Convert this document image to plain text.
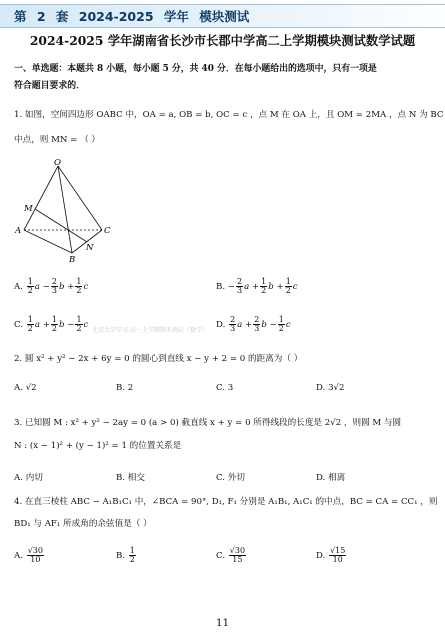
第 2 套 2024-2025 学年 模块测试
2024-2025 学年湖南省长沙市长郡中学高二上学期模块测试数学试题
一、单选题：本题共 8 小题，每小题 5 分，共 40 分．在每小题给出的选项中，只有一项是
符合题目要求的．
1. 如图，空间四边形 OABC 中，OA = a, OB = b, OC = c ，点 M 在 OA 上，且 OM = 2MA ，点 N 为 BC
中点，则 MN = （ ）
O
M
A
N
B
C
A. $\frac{1}{2}$ $a - \frac{2}{3}$ $b + \frac{1}{2}$ c	B. − $\frac{2}{3}$ $a + \frac{1}{2}$ $b + \frac{1}{2}$ c
C. $\frac{1}{2}$ $a + \frac{1}{2}$ $b - \frac{1}{2}$ c
北京大学学习·高一上学期期末测试（数学）
D. $\frac{2}{3}$ $a + \frac{2}{3}$ $b - \frac{1}{2}$ c
2. 圆 x² + y² − 2x + 6y = 0 的圆心到直线 x − y + 2 = 0 的距离为（ ）
A. √2	B. 2	C. 3	D. 3√2
3. 已知圆 M : x² + y² − 2ay = 0 (a > 0) 截直线 x + y = 0 所得线段的长度是 2√2 ，则圆 M 与圆
N : (x − 1)² + (y − 1)² = 1 的位置关系是
A. 内切	B. 相交	C. 外切	D. 相离
4. 在直三棱柱 ABC − A₁B₁C₁ 中，∠BCA = 90°, D₁, F₁ 分别是 A₁B₁, A₁C₁ 的中点，BC = CA = CC₁ ，则
BD₁ 与 AF₁ 所成角的余弦值是（ ）
A. $\frac{√30}{10}$	B. $\frac{1}{2}$	C. $\frac{√30}{15}$	D. $\frac{√15}{10}$
11
